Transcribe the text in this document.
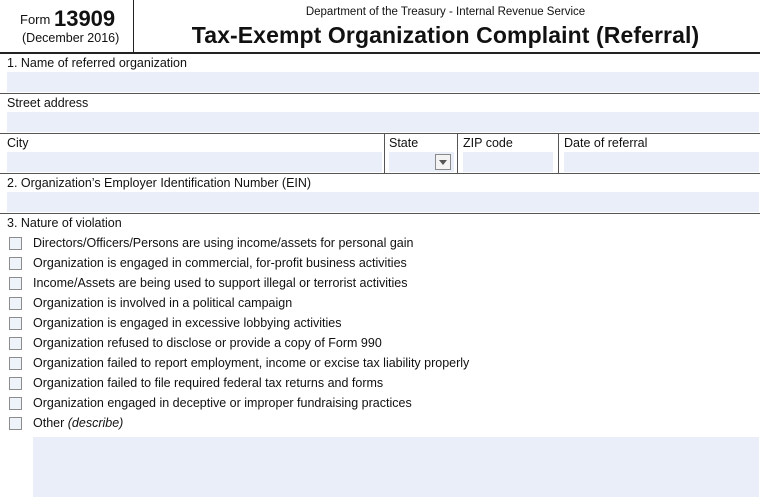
Form 13909
(December 2016)
Department of the Treasury - Internal Revenue Service
Tax-Exempt Organization Complaint (Referral)
1. Name of referred organization
Street address
City	State	ZIP code	Date of referral
2. Organization’s Employer Identification Number (EIN)
3. Nature of violation
Directors/Officers/Persons are using income/assets for personal gain
Organization is engaged in commercial, for-profit business activities
Income/Assets are being used to support illegal or terrorist activities
Organization is involved in a political campaign
Organization is engaged in excessive lobbying activities
Organization refused to disclose or provide a copy of Form 990
Organization failed to report employment, income or excise tax liability properly
Organization failed to file required federal tax returns and forms
Organization engaged in deceptive or improper fundraising practices
Other (describe)
